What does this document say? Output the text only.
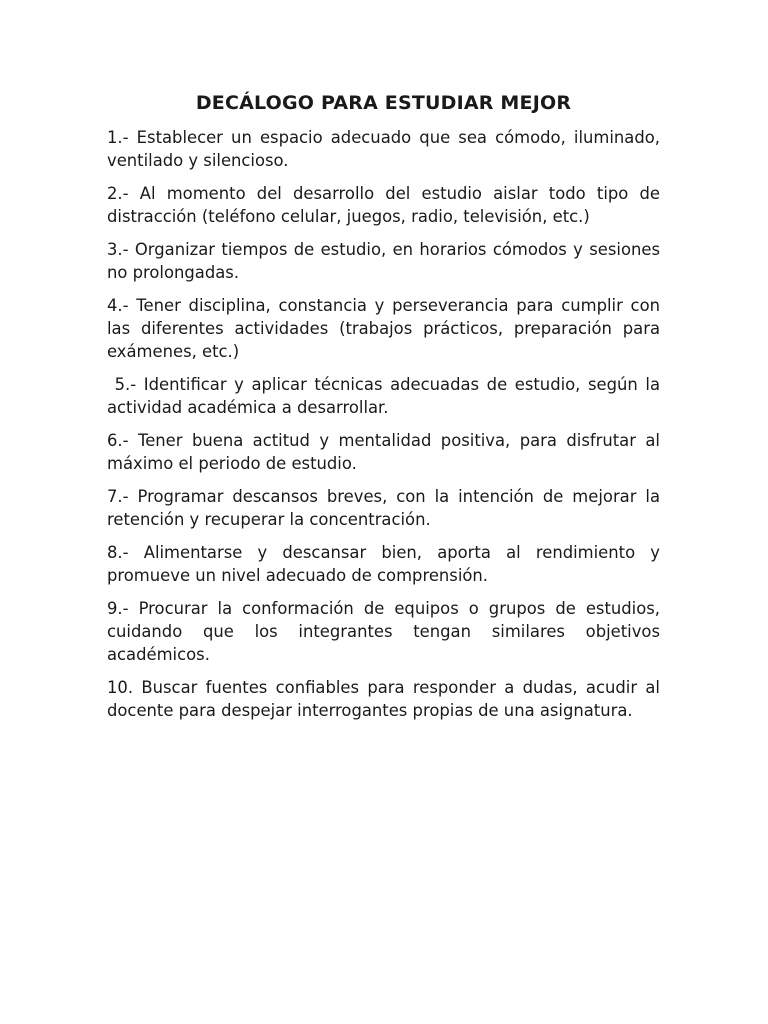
DECÁLOGO PARA ESTUDIAR MEJOR
1.- Establecer un espacio adecuado que sea cómodo, iluminado, ventilado y silencioso.
2.- Al momento del desarrollo del estudio aislar todo tipo de distracción (teléfono celular, juegos, radio, televisión, etc.)
3.- Organizar tiempos de estudio, en horarios cómodos y sesiones no prolongadas.
4.- Tener disciplina, constancia y perseverancia para cumplir con las diferentes actividades (trabajos prácticos, preparación para exámenes, etc.)
5.- Identificar y aplicar técnicas adecuadas de estudio, según la actividad académica a desarrollar.
6.- Tener buena actitud y mentalidad positiva, para disfrutar al máximo el periodo de estudio.
7.- Programar descansos breves, con la intención de mejorar la retención y recuperar la concentración.
8.- Alimentarse y descansar bien, aporta al rendimiento y promueve un nivel adecuado de comprensión.
9.- Procurar la conformación de equipos o grupos de estudios, cuidando que los integrantes tengan similares objetivos académicos.
10. Buscar fuentes confiables para responder a dudas, acudir al docente para despejar interrogantes propias de una asignatura.
